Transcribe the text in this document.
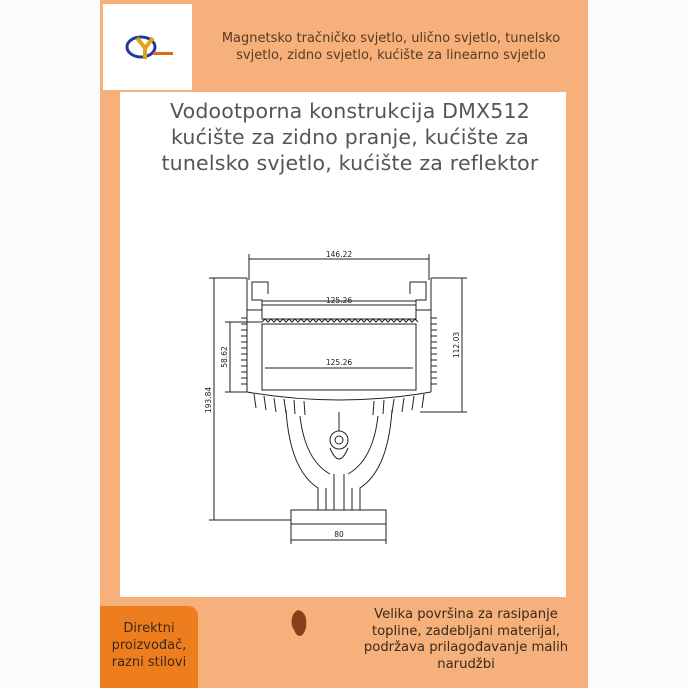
Magnetsko tračničko svjetlo, ulično svjetlo, tunelsko svjetlo, zidno svjetlo, kućište za linearno svjetlo
Vodootporna konstrukcija DMX512
kućište za zidno pranje, kućište za
tunelsko svjetlo, kućište za reflektor
146.22
125.26
125.26
80
58.62
193.84
112.03
Direktni proizvođač, razni stilovi
Velika površina za rasipanje topline, zadebljani materijal, podržava prilagođavanje malih narudžbi
